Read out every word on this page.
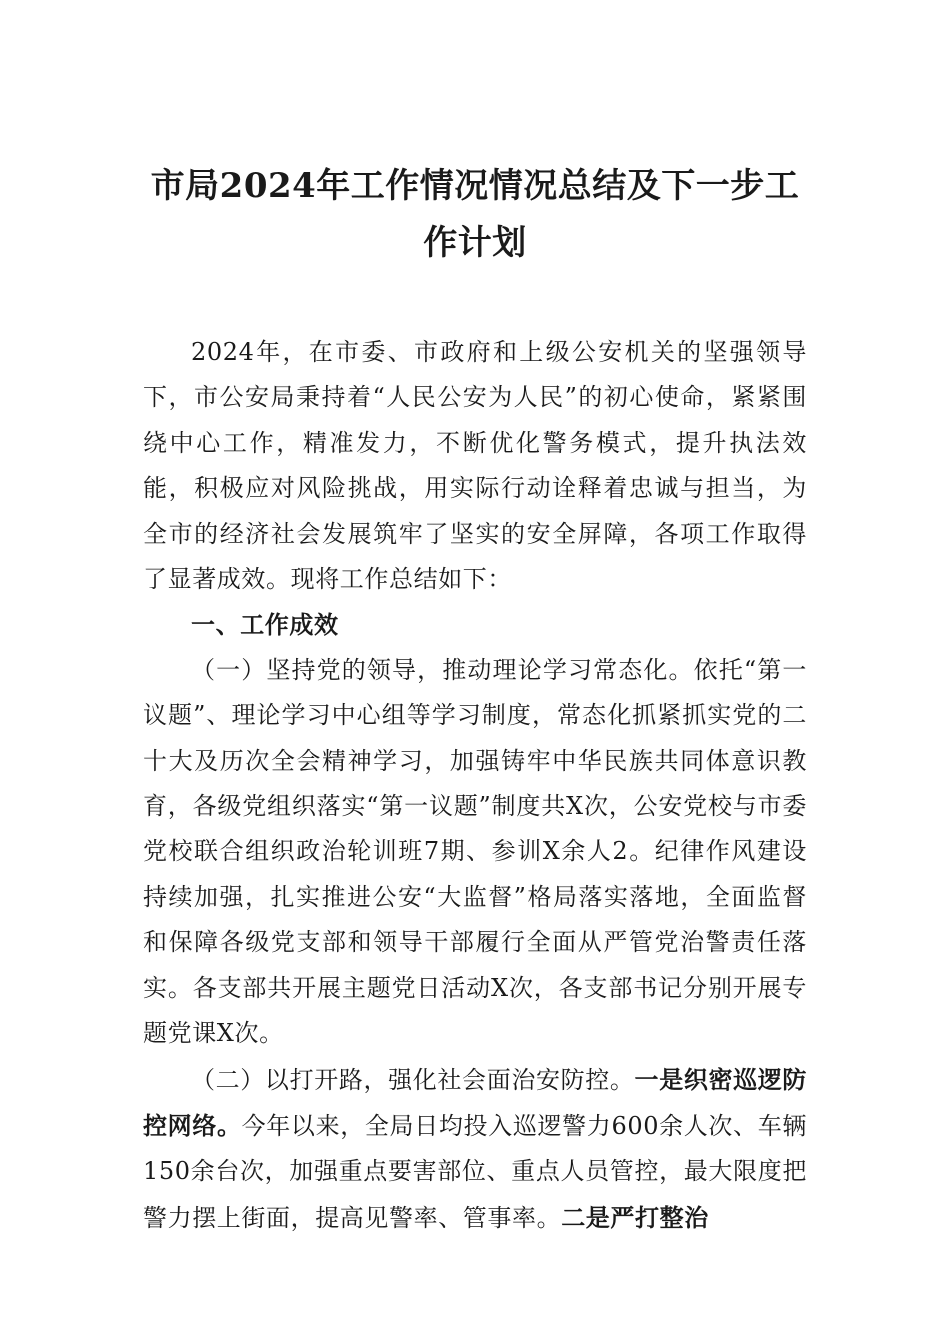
市局2024年工作情况情况总结及下一步工作计划

2024年，在市委、市政府和上级公安机关的坚强领导下，市公安局秉持着“人民公安为人民”的初心使命，紧紧围绕中心工作，精准发力，不断优化警务模式，提升执法效能，积极应对风险挑战，用实际行动诠释着忠诚与担当，为全市的经济社会发展筑牢了坚实的安全屏障，各项工作取得了显著成效。现将工作总结如下：

一、工作成效

（一）坚持党的领导，推动理论学习常态化。依托“第一议题”、理论学习中心组等学习制度，常态化抓紧抓实党的二十大及历次全会精神学习，加强铸牢中华民族共同体意识教育，各级党组织落实“第一议题”制度共X次，公安党校与市委党校联合组织政治轮训班7期、参训X余人2。纪律作风建设持续加强，扎实推进公安“大监督”格局落实落地，全面监督和保障各级党支部和领导干部履行全面从严管党治警责任落实。各支部共开展主题党日活动X次，各支部书记分别开展专题党课X次。

（二）以打开路，强化社会面治安防控。一是织密巡逻防控网络。今年以来，全局日均投入巡逻警力600余人次、车辆150余台次，加强重点要害部位、重点人员管控，最大限度把警力摆上街面，提高见警率、管事率。二是严打整治
